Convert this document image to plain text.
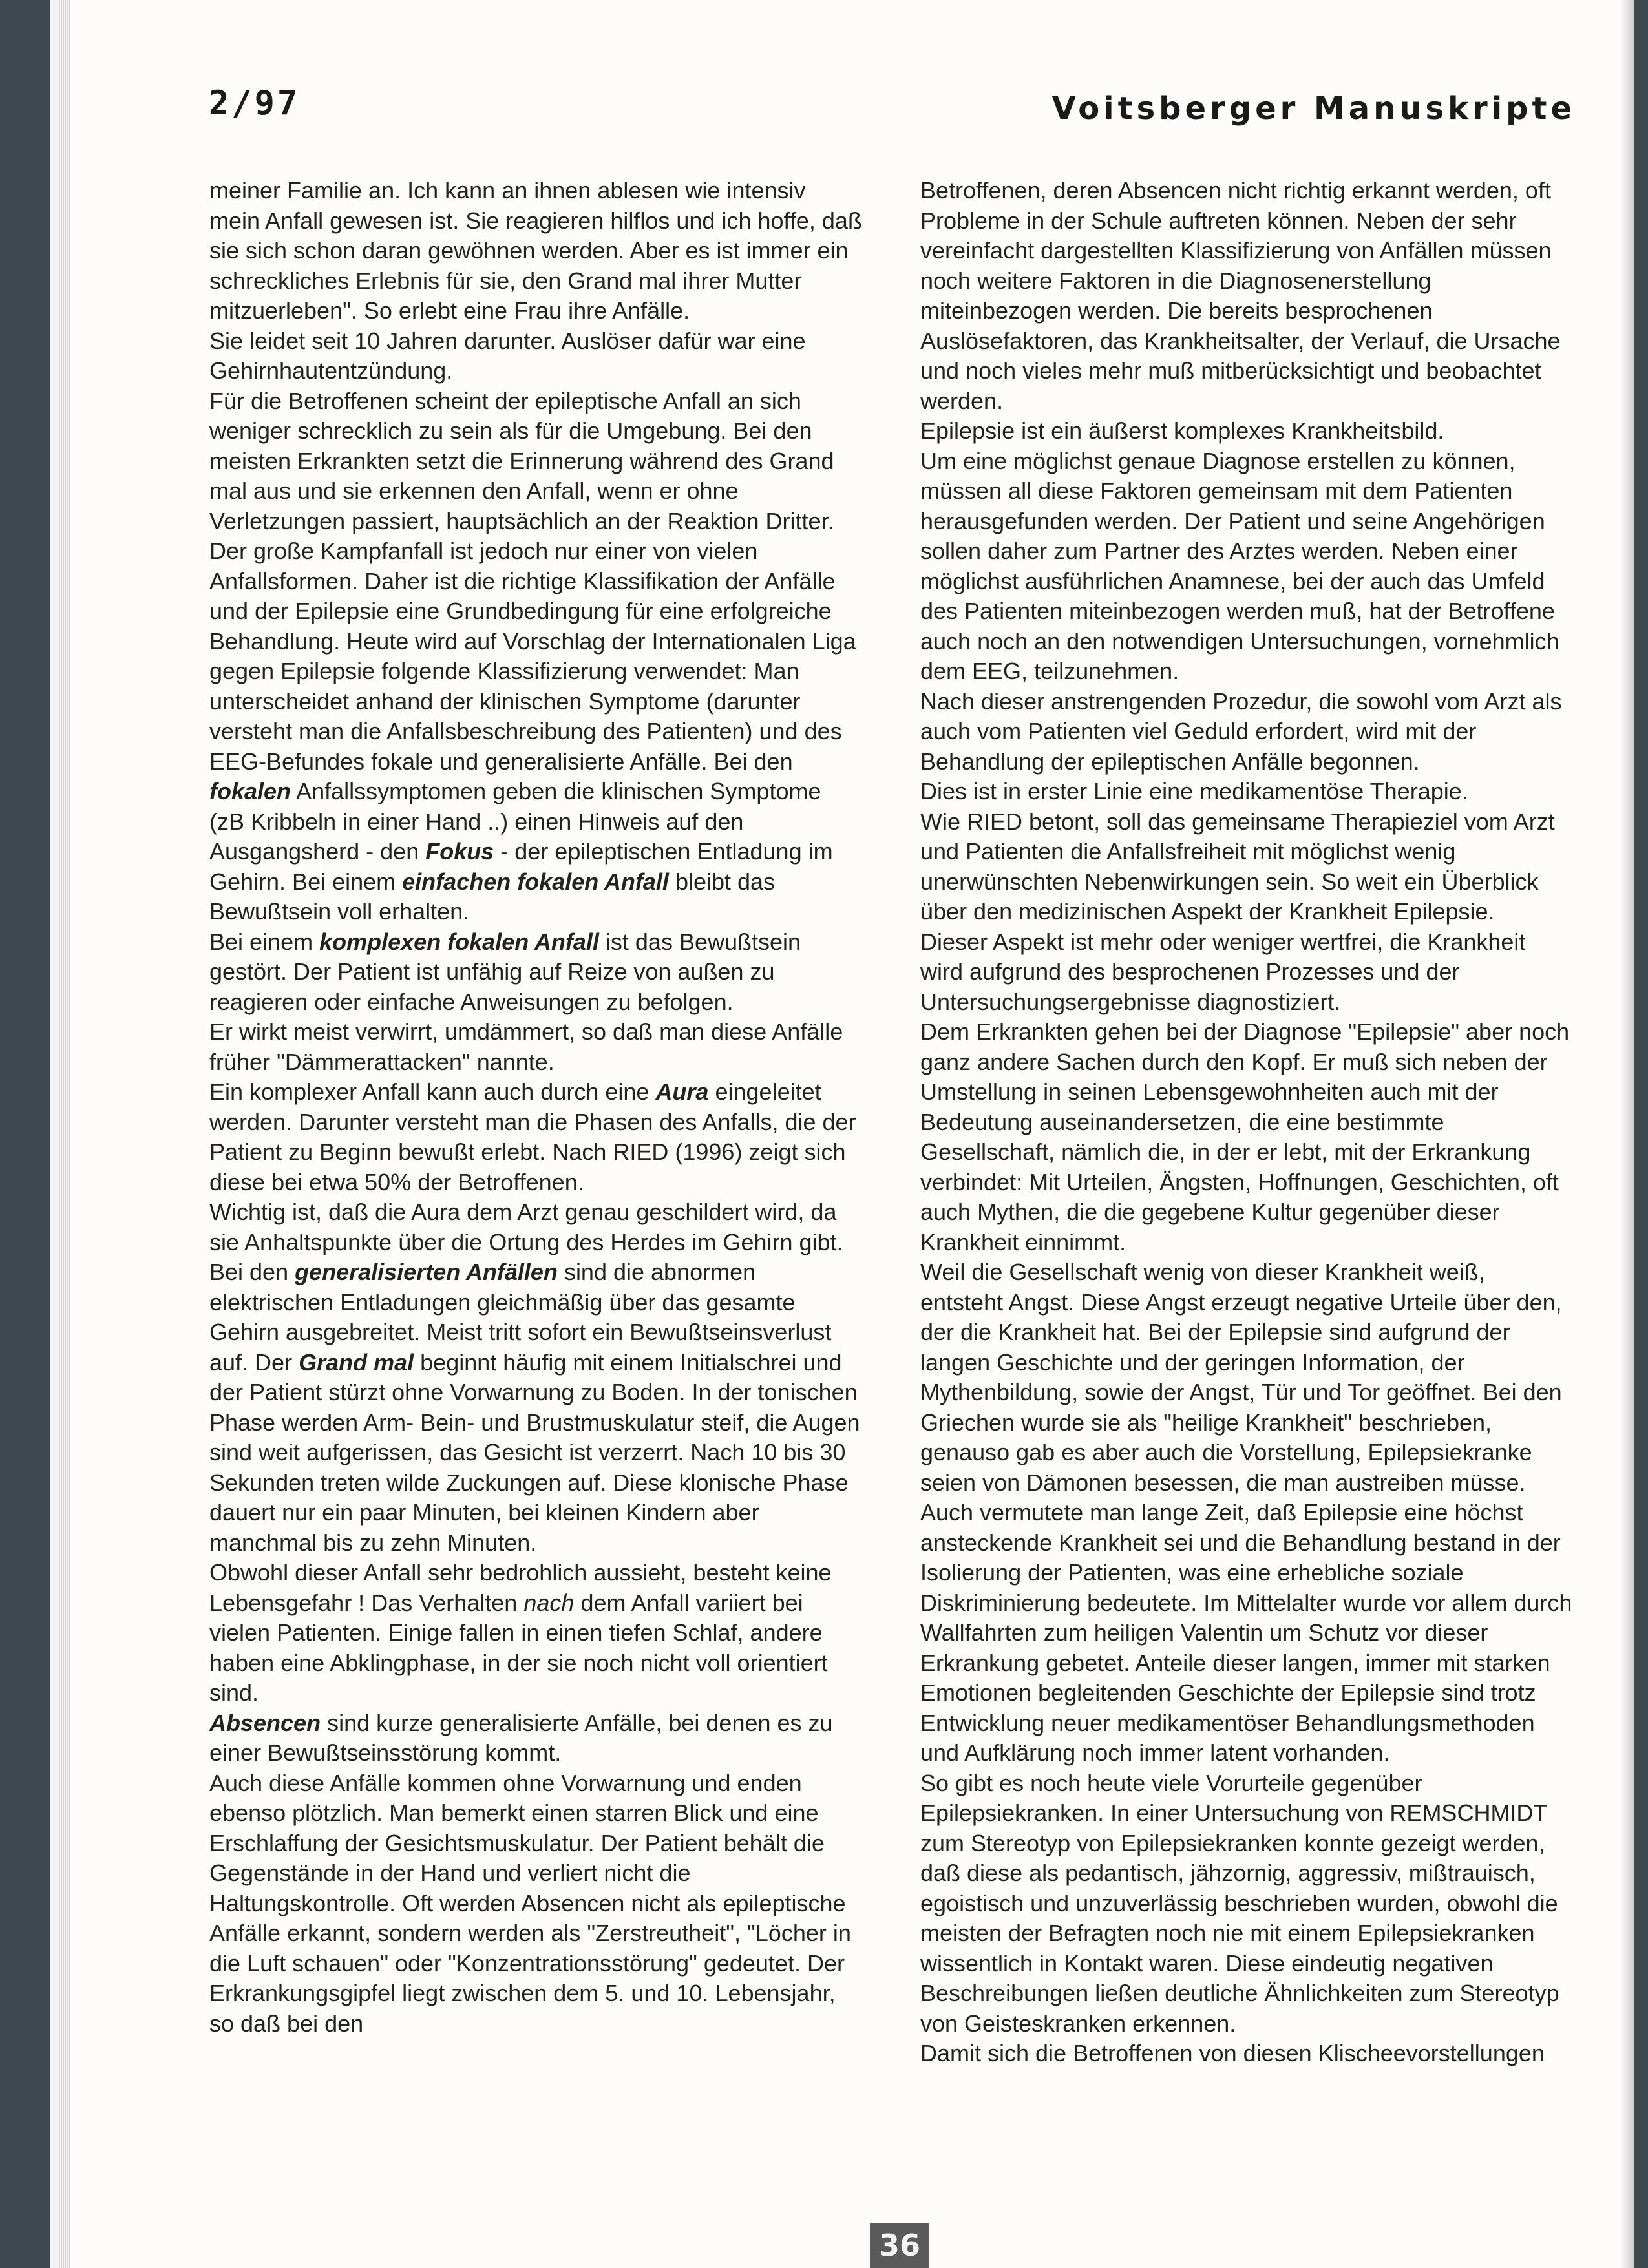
2/97	Voitsberger Manuskripte

meiner Familie an. Ich kann an ihnen ablesen wie intensiv mein Anfall gewesen ist. Sie reagieren hilflos und ich hoffe, daß sie sich schon daran gewöhnen werden. Aber es ist immer ein schreckliches Erlebnis für sie, den Grand mal ihrer Mutter mitzuerleben". So erlebt eine Frau ihre Anfälle.

Sie leidet seit 10 Jahren darunter. Auslöser dafür war eine Gehirnhautentzündung.

Für die Betroffenen scheint der epileptische Anfall an sich weniger schrecklich zu sein als für die Umgebung. Bei den meisten Erkrankten setzt die Erinnerung während des Grand mal aus und sie erkennen den Anfall, wenn er ohne Verletzungen passiert, hauptsächlich an der Reaktion Dritter.

Der große Kampfanfall ist jedoch nur einer von vielen Anfallsformen. Daher ist die richtige Klassifikation der Anfälle und der Epilepsie eine Grundbedingung für eine erfolgreiche Behandlung. Heute wird auf Vorschlag der Internationalen Liga gegen Epilepsie folgende Klassifizierung verwendet: Man unterscheidet anhand der klinischen Symptome (darunter versteht man die Anfallsbeschreibung des Patienten) und des EEG-Befundes fokale und generalisierte Anfälle. Bei den fokalen Anfallssymptomen geben die klinischen Symptome (zB Kribbeln in einer Hand ..) einen Hinweis auf den Ausgangsherd - den Fokus - der epileptischen Entladung im Gehirn. Bei einem einfachen fokalen Anfall bleibt das Bewußtsein voll erhalten.

Bei einem komplexen fokalen Anfall ist das Bewußtsein gestört. Der Patient ist unfähig auf Reize von außen zu reagieren oder einfache Anweisungen zu befolgen.

Er wirkt meist verwirrt, umdämmert, so daß man diese Anfälle früher "Dämmerattacken" nannte.

Ein komplexer Anfall kann auch durch eine Aura eingeleitet werden. Darunter versteht man die Phasen des Anfalls, die der Patient zu Beginn bewußt erlebt. Nach RIED (1996) zeigt sich diese bei etwa 50% der Betroffenen.

Wichtig ist, daß die Aura dem Arzt genau geschildert wird, da sie Anhaltspunkte über die Ortung des Herdes im Gehirn gibt. Bei den generalisierten Anfällen sind die abnormen elektrischen Entladungen gleichmäßig über das gesamte Gehirn ausgebreitet. Meist tritt sofort ein Bewußtseinsverlust auf. Der Grand mal beginnt häufig mit einem Initialschrei und der Patient stürzt ohne Vorwarnung zu Boden. In der tonischen Phase werden Arm- Bein- und Brustmuskulatur steif, die Augen sind weit aufgerissen, das Gesicht ist verzerrt. Nach 10 bis 30 Sekunden treten wilde Zuckungen auf. Diese klonische Phase dauert nur ein paar Minuten, bei kleinen Kindern aber manchmal bis zu zehn Minuten.

Obwohl dieser Anfall sehr bedrohlich aussieht, besteht keine Lebensgefahr ! Das Verhalten nach dem Anfall variiert bei vielen Patienten. Einige fallen in einen tiefen Schlaf, andere haben eine Abklingphase, in der sie noch nicht voll orientiert sind.

Absencen sind kurze generalisierte Anfälle, bei denen es zu einer Bewußtseinsstörung kommt.

Auch diese Anfälle kommen ohne Vorwarnung und enden ebenso plötzlich. Man bemerkt einen starren Blick und eine Erschlaffung der Gesichtsmuskulatur. Der Patient behält die Gegenstände in der Hand und verliert nicht die Haltungskontrolle. Oft werden Absencen nicht als epileptische Anfälle erkannt, sondern werden als "Zerstreutheit", "Löcher in die Luft schauen" oder "Konzentrationsstörung" gedeutet. Der Erkrankungsgipfel liegt zwischen dem 5. und 10. Lebensjahr, so daß bei den

Betroffenen, deren Absencen nicht richtig erkannt werden, oft Probleme in der Schule auftreten können. Neben der sehr vereinfacht dargestellten Klassifizierung von Anfällen müssen noch weitere Faktoren in die Diagnosenerstellung miteinbezogen werden. Die bereits besprochenen Auslösefaktoren, das Krankheitsalter, der Verlauf, die Ursache und noch vieles mehr muß mitberücksichtigt und beobachtet werden.

Epilepsie ist ein äußerst komplexes Krankheitsbild.

Um eine möglichst genaue Diagnose erstellen zu können, müssen all diese Faktoren gemeinsam mit dem Patienten herausgefunden werden. Der Patient und seine Angehörigen sollen daher zum Partner des Arztes werden. Neben einer möglichst ausführlichen Anamnese, bei der auch das Umfeld des Patienten miteinbezogen werden muß, hat der Betroffene auch noch an den notwendigen Untersuchungen, vornehmlich dem EEG, teilzunehmen.

Nach dieser anstrengenden Prozedur, die sowohl vom Arzt als auch vom Patienten viel Geduld erfordert, wird mit der Behandlung der epileptischen Anfälle begonnen.

Dies ist in erster Linie eine medikamentöse Therapie.

Wie RIED betont, soll das gemeinsame Therapieziel vom Arzt und Patienten die Anfallsfreiheit mit möglichst wenig unerwünschten Nebenwirkungen sein. So weit ein Überblick über den medizinischen Aspekt der Krankheit Epilepsie.

Dieser Aspekt ist mehr oder weniger wertfrei, die Krankheit wird aufgrund des besprochenen Prozesses und der Untersuchungsergebnisse diagnostiziert.

Dem Erkrankten gehen bei der Diagnose "Epilepsie" aber noch ganz andere Sachen durch den Kopf. Er muß sich neben der Umstellung in seinen Lebensgewohnheiten auch mit der Bedeutung auseinandersetzen, die eine bestimmte Gesellschaft, nämlich die, in der er lebt, mit der Erkrankung verbindet: Mit Urteilen, Ängsten, Hoffnungen, Geschichten, oft auch Mythen, die die gegebene Kultur gegenüber dieser Krankheit einnimmt.

Weil die Gesellschaft wenig von dieser Krankheit weiß, entsteht Angst. Diese Angst erzeugt negative Urteile über den, der die Krankheit hat. Bei der Epilepsie sind aufgrund der langen Geschichte und der geringen Information, der Mythenbildung, sowie der Angst, Tür und Tor geöffnet. Bei den Griechen wurde sie als "heilige Krankheit" beschrieben, genauso gab es aber auch die Vorstellung, Epilepsiekranke seien von Dämonen besessen, die man austreiben müsse.

Auch vermutete man lange Zeit, daß Epilepsie eine höchst ansteckende Krankheit sei und die Behandlung bestand in der Isolierung der Patienten, was eine erhebliche soziale Diskriminierung bedeutete. Im Mittelalter wurde vor allem durch Wallfahrten zum heiligen Valentin um Schutz vor dieser Erkrankung gebetet. Anteile dieser langen, immer mit starken Emotionen begleitenden Geschichte der Epilepsie sind trotz Entwicklung neuer medikamentöser Behandlungsmethoden und Aufklärung noch immer latent vorhanden.

So gibt es noch heute viele Vorurteile gegenüber Epilepsiekranken. In einer Untersuchung von REMSCHMIDT zum Stereotyp von Epilepsiekranken konnte gezeigt werden, daß diese als pedantisch, jähzornig, aggressiv, mißtrauisch, egoistisch und unzuverlässig beschrieben wurden, obwohl die meisten der Befragten noch nie mit einem Epilepsiekranken wissentlich in Kontakt waren. Diese eindeutig negativen Beschreibungen ließen deutliche Ähnlichkeiten zum Stereotyp von Geisteskranken erkennen.

Damit sich die Betroffenen von diesen Klischeevorstellungen

36
